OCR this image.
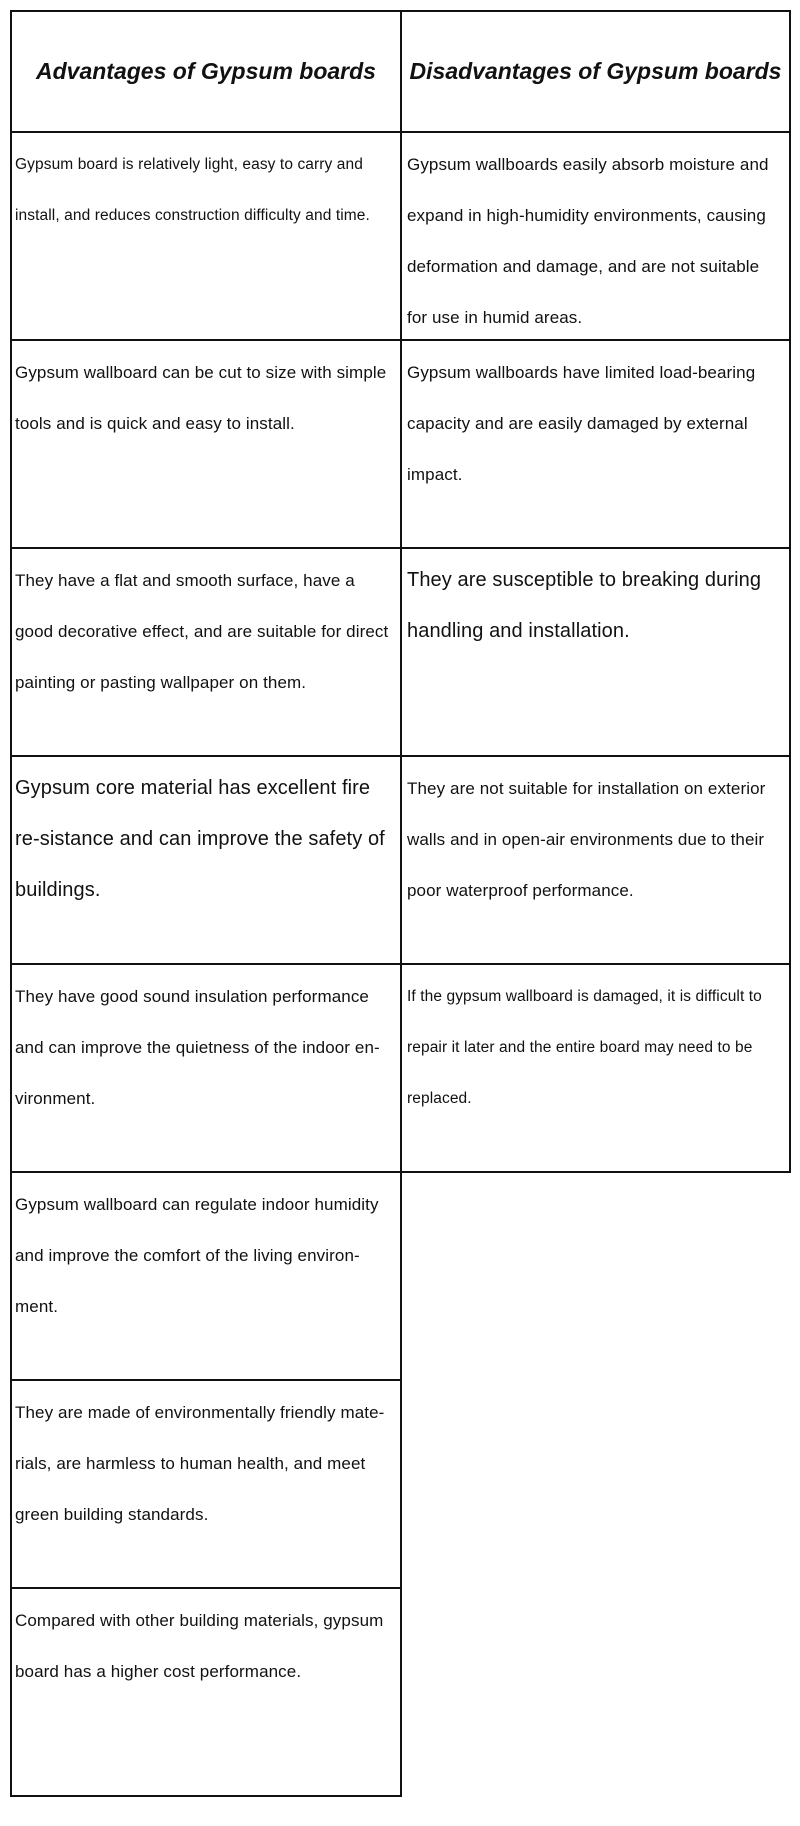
Advantages of Gypsum boards	Disadvantages of Gypsum boards
Gypsum board is relatively light, easy to carry and install, and reduces construction difficulty and time.
Gypsum wallboard can be cut to size with simple tools and is quick and easy to install.
They have a flat and smooth surface, have a good decorative effect, and are suitable for direct painting or pasting wallpaper on them.
Gypsum core material has excellent fire re-sistance and can improve the safety of buildings.
They have good sound insulation performance and can improve the quietness of the indoor en-vironment.
Gypsum wallboard can regulate indoor humidity and improve the comfort of the living environ-ment.
They are made of environmentally friendly mate-rials, are harmless to human health, and meet green building standards.
Compared with other building materials, gypsum board has a higher cost performance.
Gypsum wallboards easily absorb moisture and expand in high-humidity environments, causing deformation and damage, and are not suitable for use in humid areas.
Gypsum wallboards have limited load-bearing capacity and are easily damaged by external impact.
They are susceptible to breaking during handling and installation.
They are not suitable for installation on exterior walls and in open-air environments due to their poor waterproof performance.
If the gypsum wallboard is damaged, it is difficult to repair it later and the entire board may need to be replaced.
